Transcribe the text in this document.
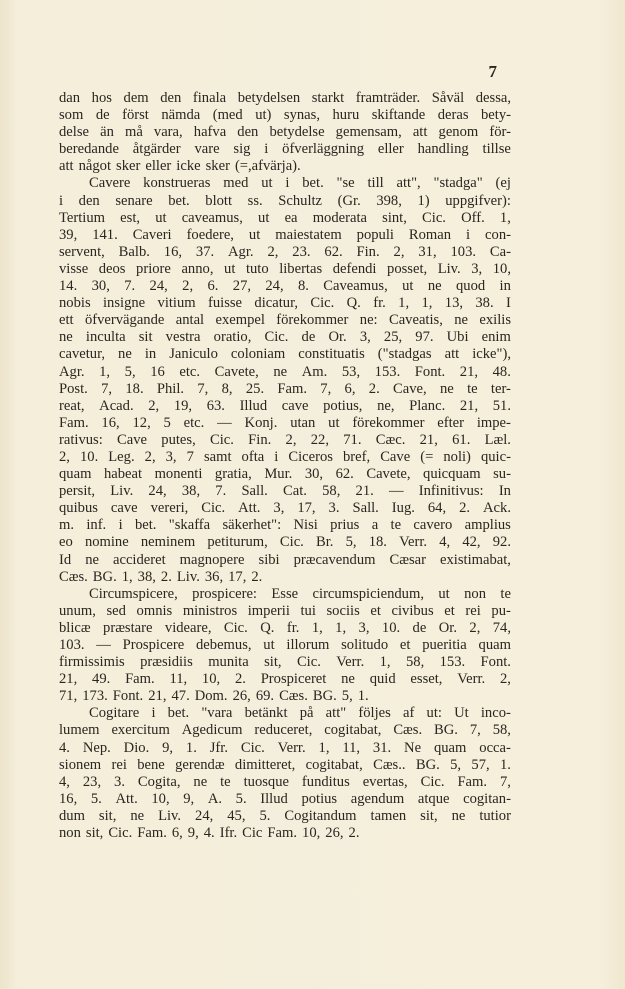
7
dan hos dem den finala betydelsen starkt framträder. Såväl dessa,
som de först nämda (med ut) synas, huru skiftande deras bety-
delse än må vara, hafva den betydelse gemensam, att genom för-
beredande åtgärder vare sig i öfverläggning eller handling tillse
att något sker eller icke sker (=,afvärja).
Cavere konstrueras med ut i bet. "se till att", "stadga" (ej
i den senare bet. blott ss. Schultz (Gr. 398, 1) uppgifver):
Tertium est, ut caveamus, ut ea moderata sint, Cic. Off. 1,
39, 141. Caveri foedere, ut maiestatem populi Roman i con-
servent, Balb. 16, 37. Agr. 2, 23. 62. Fin. 2, 31, 103. Ca-
visse deos priore anno, ut tuto libertas defendi posset, Liv. 3, 10,
14. 30, 7. 24, 2, 6. 27, 24, 8. Caveamus, ut ne quod in
nobis insigne vitium fuisse dicatur, Cic. Q. fr. 1, 1, 13, 38. I
ett öfvervägande antal exempel förekommer ne: Caveatis, ne exilis
ne inculta sit vestra oratio, Cic. de Or. 3, 25, 97. Ubi enim
cavetur, ne in Janiculo coloniam constituatis ("stadgas att icke"),
Agr. 1, 5, 16 etc. Cavete, ne Am. 53, 153. Font. 21, 48.
Post. 7, 18. Phil. 7, 8, 25. Fam. 7, 6, 2. Cave, ne te ter-
reat, Acad. 2, 19, 63. Illud cave potius, ne, Planc. 21, 51.
Fam. 16, 12, 5 etc. — Konj. utan ut förekommer efter impe-
rativus: Cave putes, Cic. Fin. 2, 22, 71. Cæc. 21, 61. Læl.
2, 10. Leg. 2, 3, 7 samt ofta i Ciceros bref, Cave (= noli) quic-
quam habeat monenti gratia, Mur. 30, 62. Cavete, quicquam su-
persit, Liv. 24, 38, 7. Sall. Cat. 58, 21. — Infinitivus: In
quibus cave vereri, Cic. Att. 3, 17, 3. Sall. Iug. 64, 2. Ack.
m. inf. i bet. "skaffa säkerhet": Nisi prius a te cavero amplius
eo nomine neminem petiturum, Cic. Br. 5, 18. Verr. 4, 42, 92.
Id ne accideret magnopere sibi præcavendum Cæsar existimabat,
Cæs. BG. 1, 38, 2. Liv. 36, 17, 2.
Circumspicere, prospicere: Esse circumspiciendum, ut non te
unum, sed omnis ministros imperii tui sociis et civibus et rei pu-
blicæ præstare videare, Cic. Q. fr. 1, 1, 3, 10. de Or. 2, 74,
103. — Prospicere debemus, ut illorum solitudo et pueritia quam
firmissimis præsidiis munita sit, Cic. Verr. 1, 58, 153. Font.
21, 49. Fam. 11, 10, 2. Prospiceret ne quid esset, Verr. 2,
71, 173. Font. 21, 47. Dom. 26, 69. Cæs. BG. 5, 1.
Cogitare i bet. "vara betänkt på att" följes af ut: Ut inco-
lumem exercitum Agedicum reduceret, cogitabat, Cæs. BG. 7, 58,
4. Nep. Dio. 9, 1. Jfr. Cic. Verr. 1, 11, 31. Ne quam occa-
sionem rei bene gerendæ dimitteret, cogitabat, Cæs.. BG. 5, 57, 1.
4, 23, 3. Cogita, ne te tuosque funditus evertas, Cic. Fam. 7,
16, 5. Att. 10, 9, A. 5. Illud potius agendum atque cogitan-
dum sit, ne Liv. 24, 45, 5. Cogitandum tamen sit, ne tutior
non sit, Cic. Fam. 6, 9, 4. Ifr. Cic Fam. 10, 26, 2.
